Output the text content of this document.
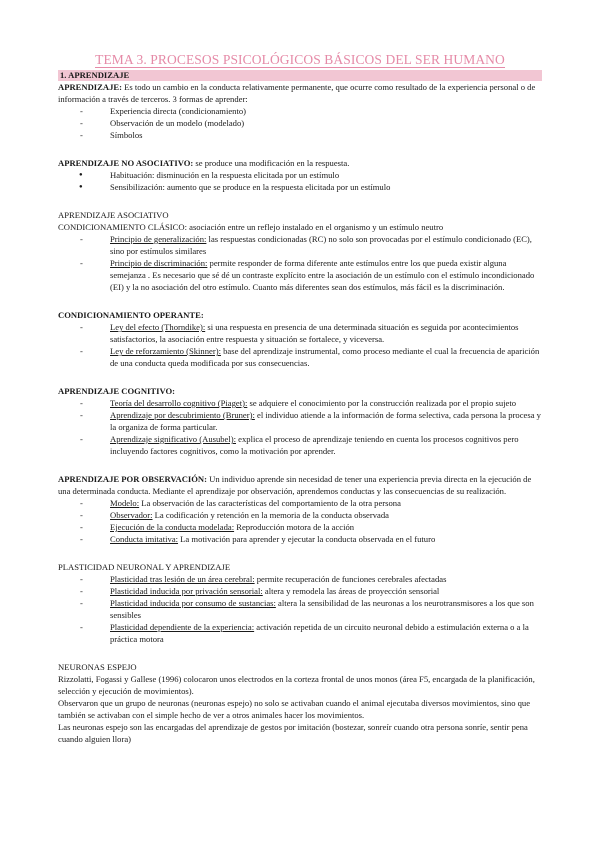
TEMA 3. PROCESOS PSICOLÓGICOS BÁSICOS DEL SER HUMANO
1. APRENDIZAJE

APRENDIZAJE: Es todo un cambio en la conducta relativamente permanente, que ocurre como resultado de la experiencia personal o de información a través de terceros. 3 formas de aprender:

- Experiencia directa (condicionamiento)
- Observación de un modelo (modelado)
- Símbolos

APRENDIZAJE NO ASOCIATIVO: se produce una modificación en la respuesta.

● Habituación: disminución en la respuesta elicitada por un estímulo
● Sensibilización: aumento que se produce en la respuesta elicitada por un estímulo

APRENDIZAJE ASOCIATIVO

CONDICIONAMIENTO CLÁSICO: asociación entre un reflejo instalado en el organismo y un estímulo neutro

- Principio de generalización: las respuestas condicionadas (RC) no solo son provocadas por el estímulo condicionado (EC), sino por estímulos similares
- Principio de discriminación: permite responder de forma diferente ante estímulos entre los que pueda existir alguna semejanza . Es necesario que sé dé un contraste explícito entre la asociación de un estímulo con el estímulo incondicionado (EI) y la no asociación del otro estímulo. Cuanto más diferentes sean dos estímulos, más fácil es la discriminación.

CONDICIONAMIENTO OPERANTE:

- Ley del efecto (Thorndike): si una respuesta en presencia de una determinada situación es seguida por acontecimientos satisfactorios, la asociación entre respuesta y situación se fortalece, y viceversa.
- Ley de reforzamiento (Skinner): base del aprendizaje instrumental, como proceso mediante el cual la frecuencia de aparición de una conducta queda modificada por sus consecuencias.

APRENDIZAJE COGNITIVO:

- Teoría del desarrollo cognitivo (Piaget): se adquiere el conocimiento por la construcción realizada por el propio sujeto
- Aprendizaje por descubrimiento (Bruner): el individuo atiende a la información de forma selectiva, cada persona la procesa y la organiza de forma particular.
- Aprendizaje significativo (Ausubel): explica el proceso de aprendizaje teniendo en cuenta los procesos cognitivos pero incluyendo factores cognitivos, como la motivación por aprender.

APRENDIZAJE POR OBSERVACIÓN: Un individuo aprende sin necesidad de tener una experiencia previa directa en la ejecución de una determinada conducta. Mediante el aprendizaje por observación, aprendemos conductas y las consecuencias de su realización.

- Modelo: La observación de las características del comportamiento de la otra persona
- Observador: La codificación y retención en la memoria de la conducta observada
- Ejecución de la conducta modelada: Reproducción motora de la acción
- Conducta imitativa: La motivación para aprender y ejecutar la conducta observada en el futuro

PLASTICIDAD NEURONAL Y APRENDIZAJE

- Plasticidad tras lesión de un área cerebral: permite recuperación de funciones cerebrales afectadas
- Plasticidad inducida por privación sensorial: altera y remodela las áreas de proyección sensorial
- Plasticidad inducida por consumo de sustancias: altera la sensibilidad de las neuronas a los neurotransmisores a los que son sensibles
- Plasticidad dependiente de la experiencia: activación repetida de un circuito neuronal debido a estimulación externa o a la práctica motora

NEURONAS ESPEJO

Rizzolatti, Fogassi y Gallese (1996) colocaron unos electrodos en la corteza frontal de unos monos (área F5, encargada de la planificación, selección y ejecución de movimientos).

Observaron que un grupo de neuronas (neuronas espejo) no solo se activaban cuando el animal ejecutaba diversos movimientos, sino que también se activaban con el simple hecho de ver a otros animales hacer los movimientos.

Las neuronas espejo son las encargadas del aprendizaje de gestos por imitación (bostezar, sonreír cuando otra persona sonríe, sentir pena cuando alguien llora)
